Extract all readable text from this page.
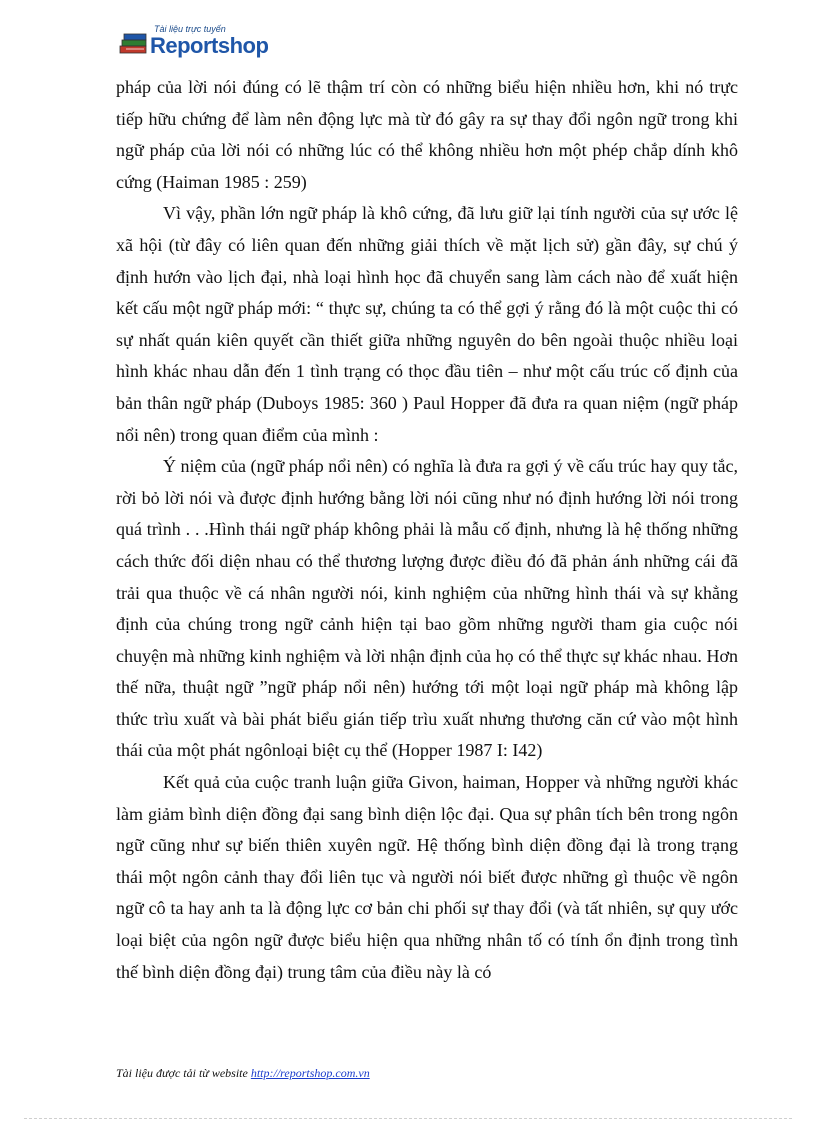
Tài liệu trực tuyến
Reportshop

pháp của lời nói đúng có lẽ thậm trí còn có những biểu hiện nhiều hơn, khi nó trực tiếp hữu chứng để làm nên động lực mà từ đó gây ra sự thay đổi ngôn ngữ trong khi ngữ pháp của lời nói có những lúc có thể không nhiều hơn một phép chắp dính khô cứng (Haiman 1985 : 259)

Vì vậy, phần lớn ngữ pháp là khô cứng, đã lưu giữ lại tính người của sự ước lệ xã hội (từ đây có liên quan đến những giải thích về mặt lịch sử) gần đây, sự chú ý định hướn vào lịch đại, nhà loại hình học đã chuyển sang làm cách nào để xuất hiện kết cấu một ngữ pháp mới: “ thực sự, chúng ta có thể gợi ý rằng đó là một cuộc thi có sự nhất quán kiên quyết cần thiết giữa những nguyên do bên ngoài thuộc nhiều loại hình khác nhau dẫn đến 1 tình trạng có thọc đầu tiên – như một cấu trúc cố định của bản thân ngữ pháp (Duboys 1985: 360 ) Paul Hopper đã đưa ra quan niệm (ngữ pháp nổi nên) trong quan điểm của mình :

Ý niệm của (ngữ pháp nổi nên) có nghĩa là đưa ra gợi ý về cấu trúc hay quy tắc, rời bỏ lời nói và được định hướng bằng lời nói cũng như nó định hướng lời nói trong quá trình . . .Hình thái ngữ pháp không phải là mẫu cố định, nhưng là hệ thống những cách thức đối diện nhau có thể thương lượng được điều đó đã phản ánh những cái đã trải qua thuộc về cá nhân người nói, kinh nghiệm của những hình thái và sự khẳng định của chúng trong ngữ cảnh hiện tại bao gồm những người tham gia cuộc nói chuyện mà những kinh nghiệm và lời nhận định của họ có thể thực sự khác nhau. Hơn thế nữa, thuật ngữ ”ngữ pháp nổi nên) hướng tới một loại ngữ pháp mà không lập thức trìu xuất và bài phát biểu gián tiếp trìu xuất nhưng thương căn cứ vào một hình thái của một phát ngônloại biệt cụ thể (Hopper 1987 I: I42)

Kết quả của cuộc tranh luận giữa Givon, haiman, Hopper và những người khác làm giảm bình diện đồng đại sang bình diện lộc đại. Qua sự phân tích bên trong ngôn ngữ cũng như sự biến thiên xuyên ngữ. Hệ thống bình diện đồng đại là trong trạng thái một ngôn cảnh thay đổi liên tục và người nói biết được những gì thuộc về ngôn ngữ cô ta hay anh ta là động lực cơ bản chi phối sự thay đổi (và tất nhiên, sự quy ước loại biệt của ngôn ngữ được biểu hiện qua những nhân tố có tính ổn định trong tình thế bình diện đồng đại) trung tâm của điều này là có

Tài liệu được tải từ website http://reportshop.com.vn
